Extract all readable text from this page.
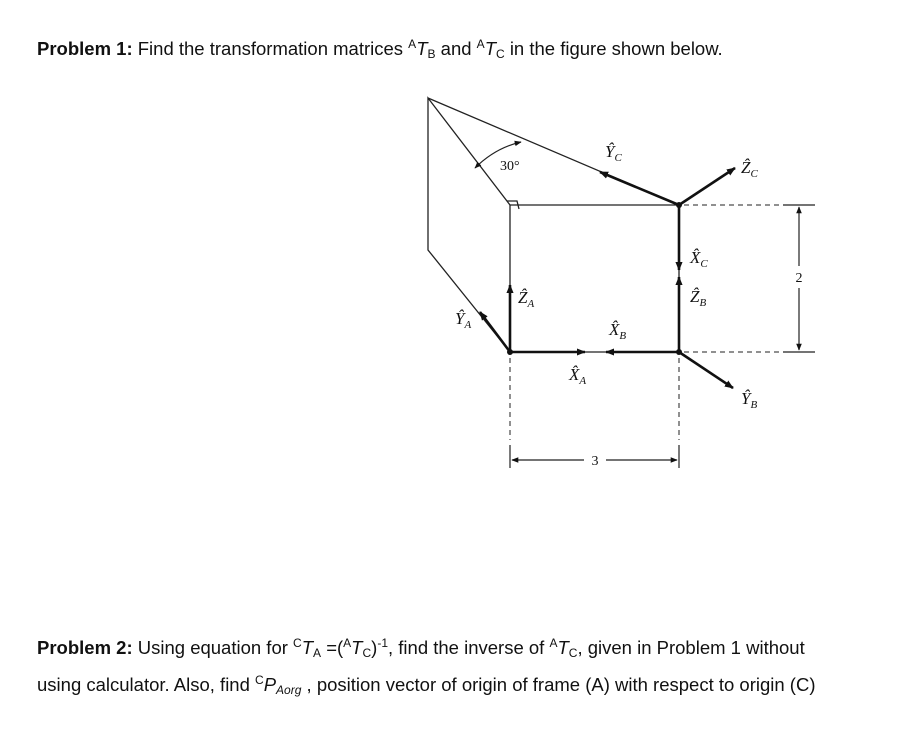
Problem 1: Find the transformation matrices $^AT_B$ and $^AT_C$ in the figure shown below.
30°
3
2
$Ŷ_A$
Ẑ$_A$
$X̂_A$
$X̂_B$
Ẑ$_B$
$Ŷ_B$
$Ŷ_C$
$X̂_C$
Ẑ$_C$
Problem 2: Using equation for $^CT_A =(^AT_C)^{-1}$, find the inverse of $^AT_C$, given in Problem 1 without using calculator. Also, find $^CP_{Aorg}$ , position vector of origin of frame (A) with respect to origin (C)
